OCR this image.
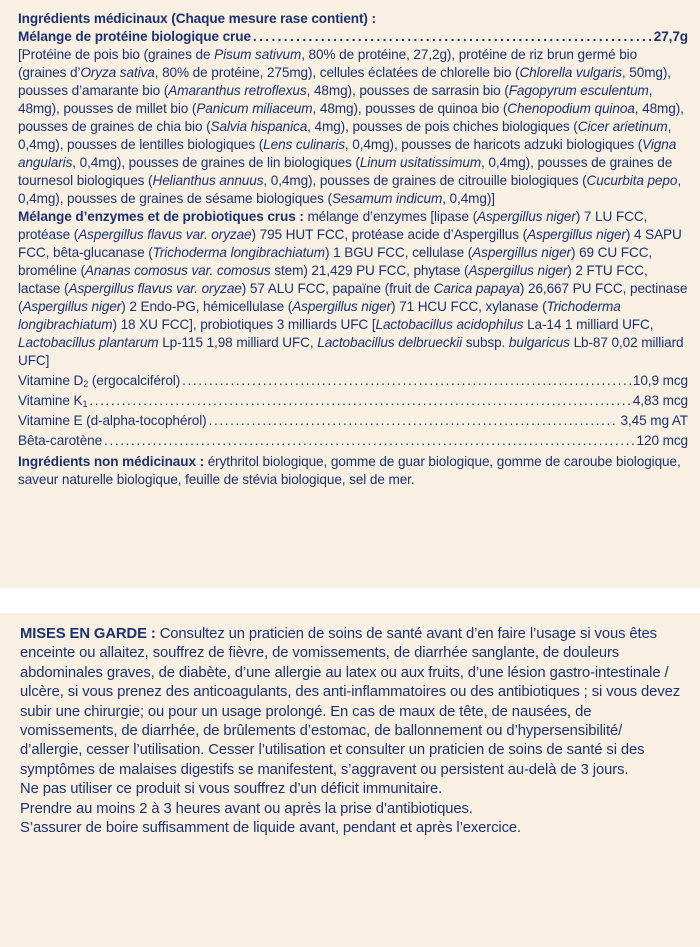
Ingrédients médicinaux (Chaque mesure rase contient) :

Mélange de protéine biologique crue .....	27,7g

[Protéine de pois bio (graines de Pisum sativum, 80% de protéine, 27,2g), protéine de riz brun germé bio (graines d’Oryza sativa, 80% de protéine, 275mg), cellules éclatées de chlorelle bio (Chlorella vulgaris, 50mg), pousses d’amarante bio (Amaranthus retroflexus, 48mg), pousses de sarrasin bio (Fagopyrum esculentum, 48mg), pousses de millet bio (Panicum miliaceum, 48mg), pousses de quinoa bio (Chenopodium quinoa, 48mg), pousses de graines de chia bio (Salvia hispanica, 4mg), pousses de pois chiches biologiques (Cicer arietinum, 0,4mg), pousses de lentilles biologiques (Lens culinaris, 0,4mg), pousses de haricots adzuki biologiques (Vigna angularis, 0,4mg), pousses de graines de lin biologiques (Linum usitatissimum, 0,4mg), pousses de graines de tournesol biologiques (Helianthus annuus, 0,4mg), pousses de graines de citrouille biologiques (Cucurbita pepo, 0,4mg), pousses de graines de sésame biologiques (Sesamum indicum, 0,4mg)]

Mélange d’enzymes et de probiotiques crus : mélange d’enzymes [lipase (Aspergillus niger) 7 LU FCC, protéase (Aspergillus flavus var. oryzae) 795 HUT FCC, protéase acide d’Aspergillus (Aspergillus niger) 4 SAPU FCC, bêta-glucanase (Trichoderma longibrachiatum) 1 BGU FCC, cellulase (Aspergillus niger) 69 CU FCC, broméline (Ananas comosus var. comosus stem) 21,429 PU FCC, phytase (Aspergillus niger) 2 FTU FCC, lactase (Aspergillus flavus var. oryzae) 57 ALU FCC, papaïne (fruit de Carica papaya) 26,667 PU FCC, pectinase (Aspergillus niger) 2 Endo-PG, hémicellulase (Aspergillus niger) 71 HCU FCC, xylanase (Trichoderma longibrachiatum) 18 XU FCC], probiotiques 3 milliards UFC [Lactobacillus acidophilus La-14 1 milliard UFC, Lactobacillus plantarum Lp-115 1,98 milliard UFC, Lactobacillus delbrueckii subsp. bulgaricus Lb-87 0,02 milliard UFC]

Vitamine $D_2$ (ergocalciférol) .....	10,9 mcg
Vitamine $K_1$ .....	4,83 mcg
Vitamine E (d-alpha-tocophérol) .....	3,45 mg AT
Bêta-carotène .....	120 mcg

Ingrédients non médicinaux : érythritol biologique, gomme de guar biologique, gomme de caroube biologique, saveur naturelle biologique, feuille de stévia biologique, sel de mer.

MISES EN GARDE : Consultez un praticien de soins de santé avant d’en faire l’usage si vous êtes enceinte ou allaitez, souffrez de fièvre, de vomissements, de diarrhée sanglante, de douleurs abdominales graves, de diabète, d’une allergie au latex ou aux fruits, d’une lésion gastro-intestinale / ulcère, si vous prenez des anticoagulants, des anti-inflammatoires ou des antibiotiques ; si vous devez subir une chirurgie; ou pour un usage prolongé. En cas de maux de tête, de nausées, de vomissements, de diarrhée, de brûlements d’estomac, de ballonnement ou d’hypersensibilité/ d’allergie, cesser l’utilisation. Cesser l’utilisation et consulter un praticien de soins de santé si des symptômes de malaises digestifs se manifestent, s’aggravent ou persistent au-delà de 3 jours.

Ne pas utiliser ce produit si vous souffrez d’un déficit immunitaire.

Prendre au moins 2 à 3 heures avant ou après la prise d’antibiotiques.

S’assurer de boire suffisamment de liquide avant, pendant et après l’exercice.
